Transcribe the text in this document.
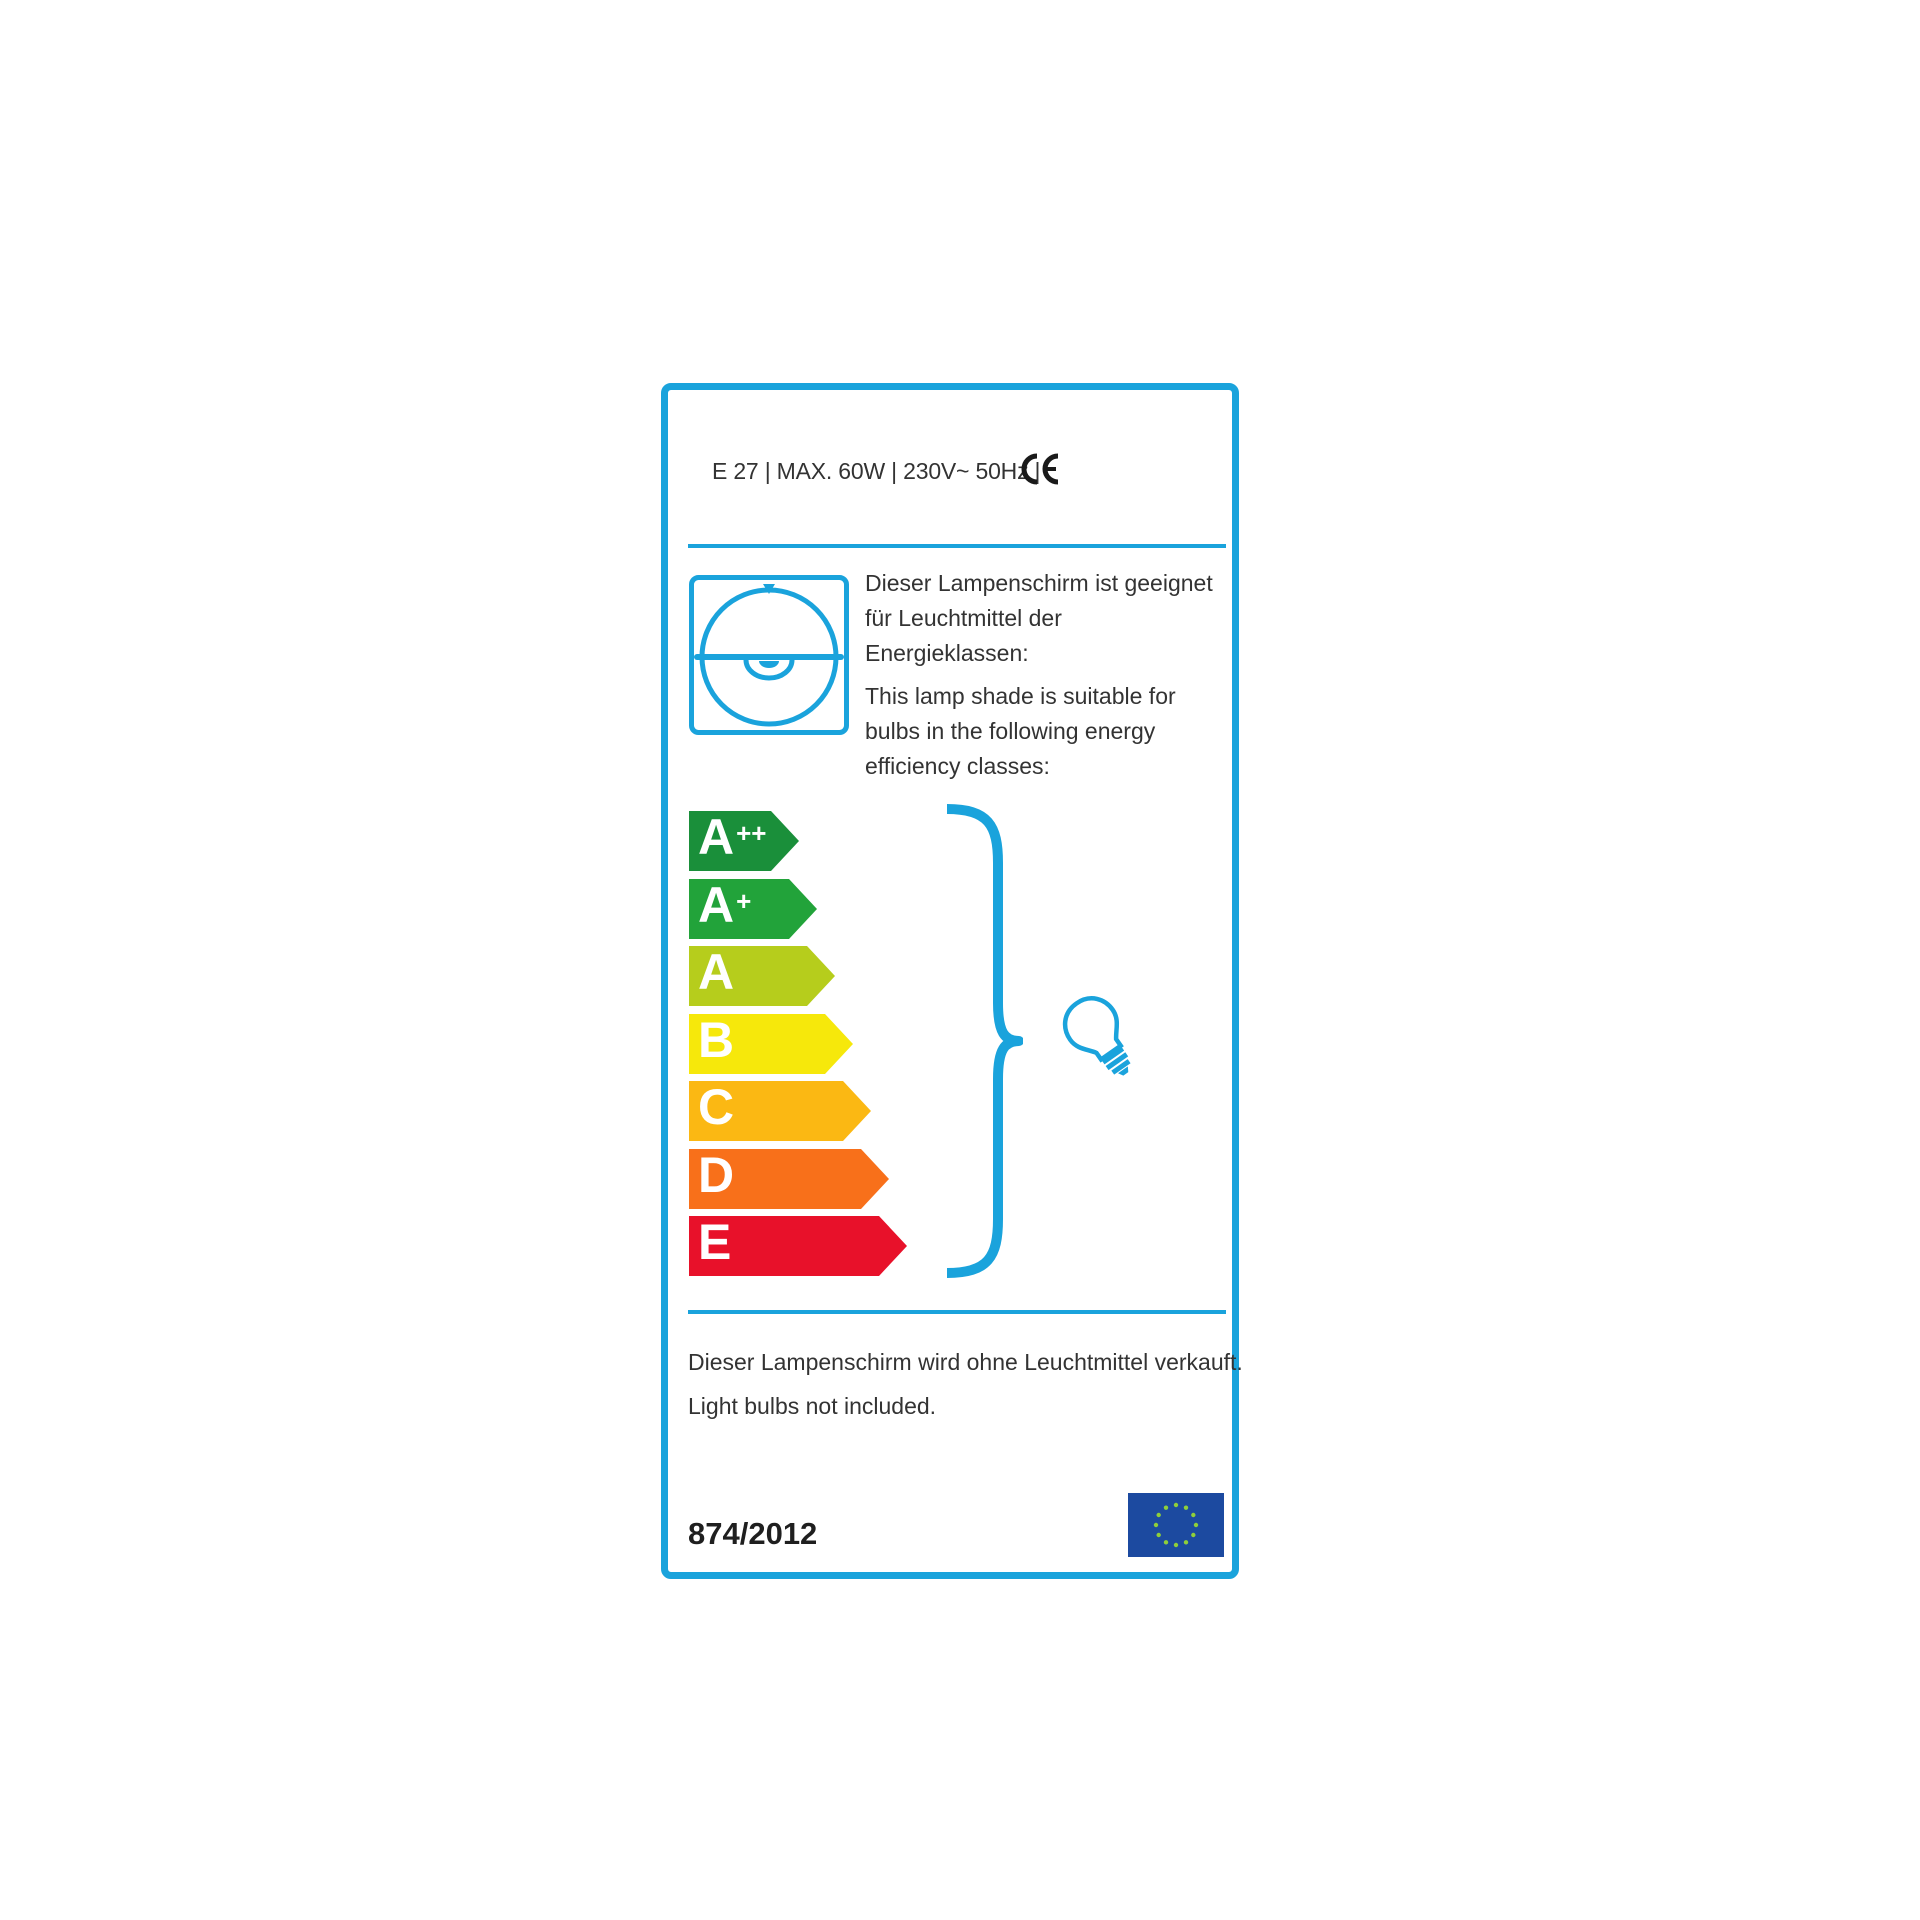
E 27 | MAX. 60W | 230V~ 50Hz |

Dieser Lampenschirm ist geeignet für Leuchtmittel der Energieklassen:

This lamp shade is suitable for bulbs in the following energy efficiency classes:

A++
A+
A
B
C
D
E

Dieser Lampenschirm wird ohne Leuchtmittel verkauft.

Light bulbs not included.

874/2012
